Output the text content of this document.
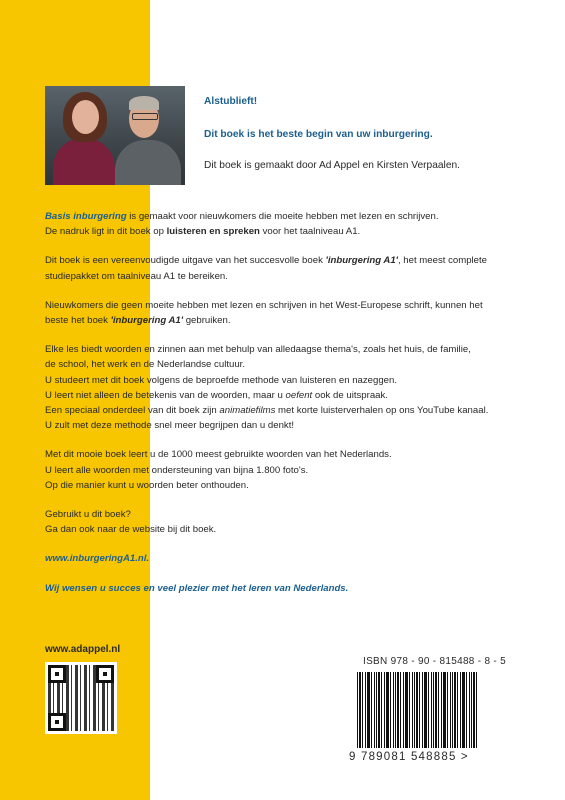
Alstublieft!

Dit boek is het beste begin van uw inburgering.

Dit boek is gemaakt door Ad Appel en Kirsten Verpaalen.

Basis inburgering is gemaakt voor nieuwkomers die moeite hebben met lezen en schrijven.
De nadruk ligt in dit boek op luisteren en spreken voor het taalniveau A1.

Dit boek is een vereenvoudigde uitgave van het succesvolle boek 'inburgering A1', het meest complete
studiepakket om taalniveau A1 te bereiken.

Nieuwkomers die geen moeite hebben met lezen en schrijven in het West-Europese schrift, kunnen het
beste het boek 'inburgering A1' gebruiken.

Elke les biedt woorden en zinnen aan met behulp van alledaagse thema's, zoals het huis, de familie,
de school, het werk en de Nederlandse cultuur.
U studeert met dit boek volgens de beproefde methode van luisteren en nazeggen.
U leert niet alleen de betekenis van de woorden, maar u oefent ook de uitspraak.
Een speciaal onderdeel van dit boek zijn animatiefilms met korte luisterverhalen op ons YouTube kanaal.
U zult met deze methode snel meer begrijpen dan u denkt!

Met dit mooie boek leert u de 1000 meest gebruikte woorden van het Nederlands.
U leert alle woorden met ondersteuning van bijna 1.800 foto's.
Op die manier kunt u woorden beter onthouden.

Gebruikt u dit boek?
Ga dan ook naar de website bij dit boek.

www.inburgeringA1.nl.

Wij wensen u succes en veel plezier met het leren van Nederlands.

www.adappel.nl
ISBN 978 - 90 - 815488 - 8 - 5
9 789081 548885 >
